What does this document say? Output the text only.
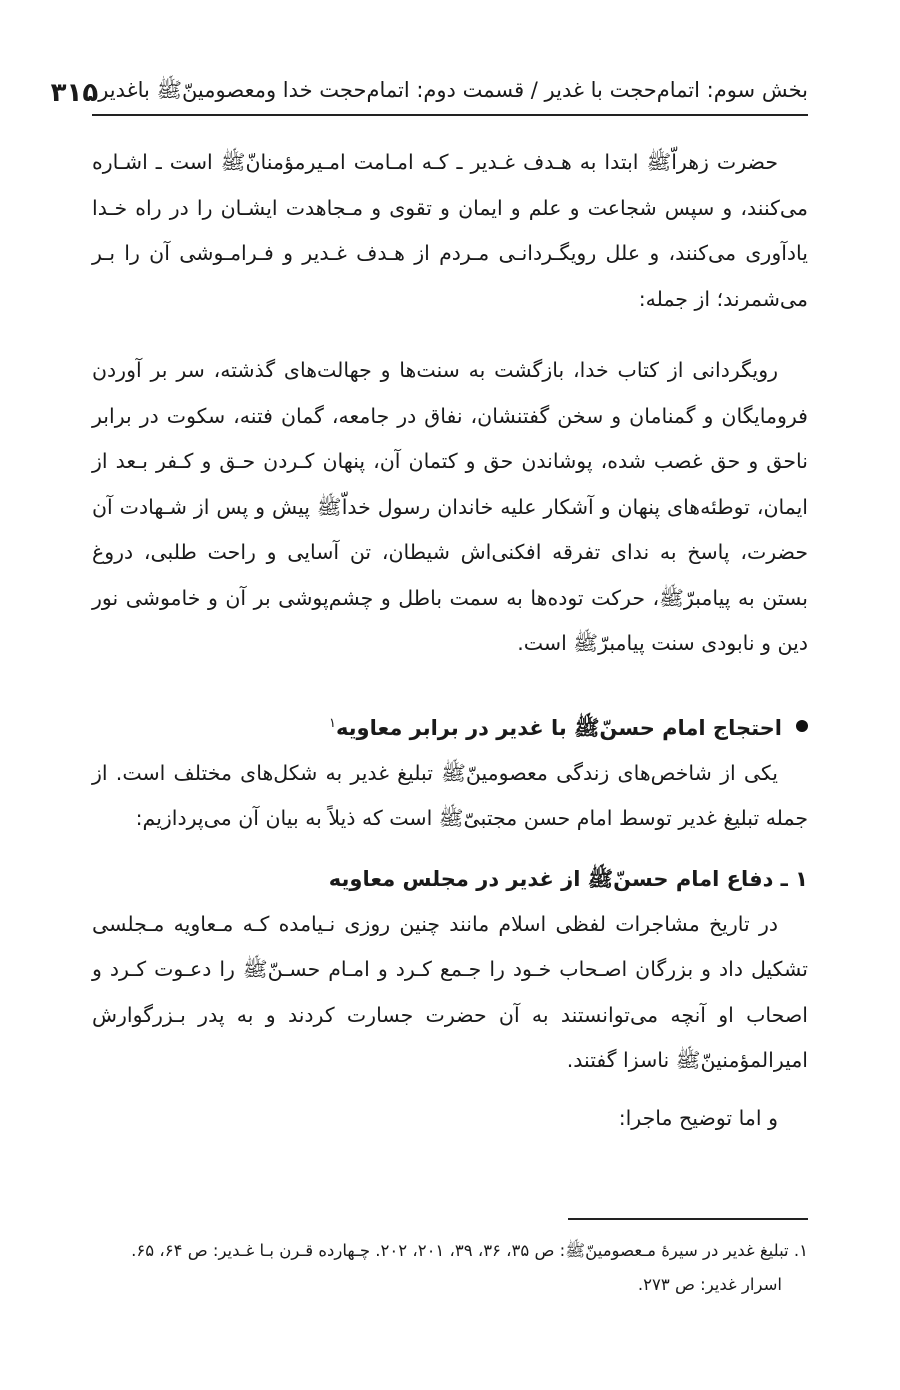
بخش سوم: اتمام‌حجت با غدیر / قسمت دوم: اتمام‌حجت خدا ومعصومینّﷺ باغدیر
۳۱۵

حضرت زهراّﷺ ابتدا به هـدف غـدیر ـ کـه امـامت امـیرمؤمنانّﷺ است ـ اشـاره می‌کنند، و سپس شجاعت و علم و ایمان و تقوی و مـجاهدت ایشـان را در راه خـدا یادآوری می‌کنند، و علل رویگـردانـی مـردم از هـدف غـدیر و فـرامـوشی آن را بـر می‌شمرند؛ از جمله:

رویگردانی از کتاب خدا، بازگشت به سنت‌ها و جهالت‌های گذشته، سر بر آوردن فرومایگان و گمنامان و سخن گفتنشان، نفاق در جامعه، گمان فتنه، سکوت در برابر ناحق و حق غصب شده، پوشاندن حق و کتمان آن، پنهان کـردن حـق و کـفر بـعد از ایمان، توطئه‌های پنهان و آشکار علیه خاندان رسول خداّﷺ پیش و پس از شـهادت آن حضرت، پاسخ به ندای تفرقه افکنی‌اش شیطان، تن آسایی و راحت طلبی، دروغ بستن به پیامبرّﷺ، حرکت توده‌ها به سمت باطل و چشم‌پوشی بر آن و خاموشی نور دین و نابودی سنت پیامبرّﷺ است.

احتجاج امام حسنّﷺ با غدیر در برابر معاویه$^۱$

یکی از شاخص‌های زندگی معصومینّﷺ تبلیغ غدیر به شکل‌های مختلف است. از جمله تبلیغ غدیر توسط امام حسن مجتبیّﷺ است که ذیلاً به بیان آن می‌پردازیم:

۱ ـ دفاع امام حسنّﷺ از غدیر در مجلس معاویه

در تاریخ مشاجرات لفظی اسلام مانند چنین روزی نـیامده کـه مـعاویه مـجلسی تشکیل داد و بزرگان اصـحاب خـود را جـمع کـرد و امـام حسـنّﷺ را دعـوت کـرد و اصحاب او آنچه می‌توانستند به آن حضرت جسارت کردند و به پدر بـزرگوارش امیرالمؤمنینّﷺ ناسزا گفتند.

و اما توضیح ماجرا:

۱. تبلیغ غدیر در سیرۀ مـعصومینّﷺ: ص ۳۵، ۳۶، ۳۹، ۲۰۱، ۲۰۲. چـهارده قـرن بـا غـدیر: ص ۶۴، ۶۵.

اسرار غدیر: ص ۲۷۳.
